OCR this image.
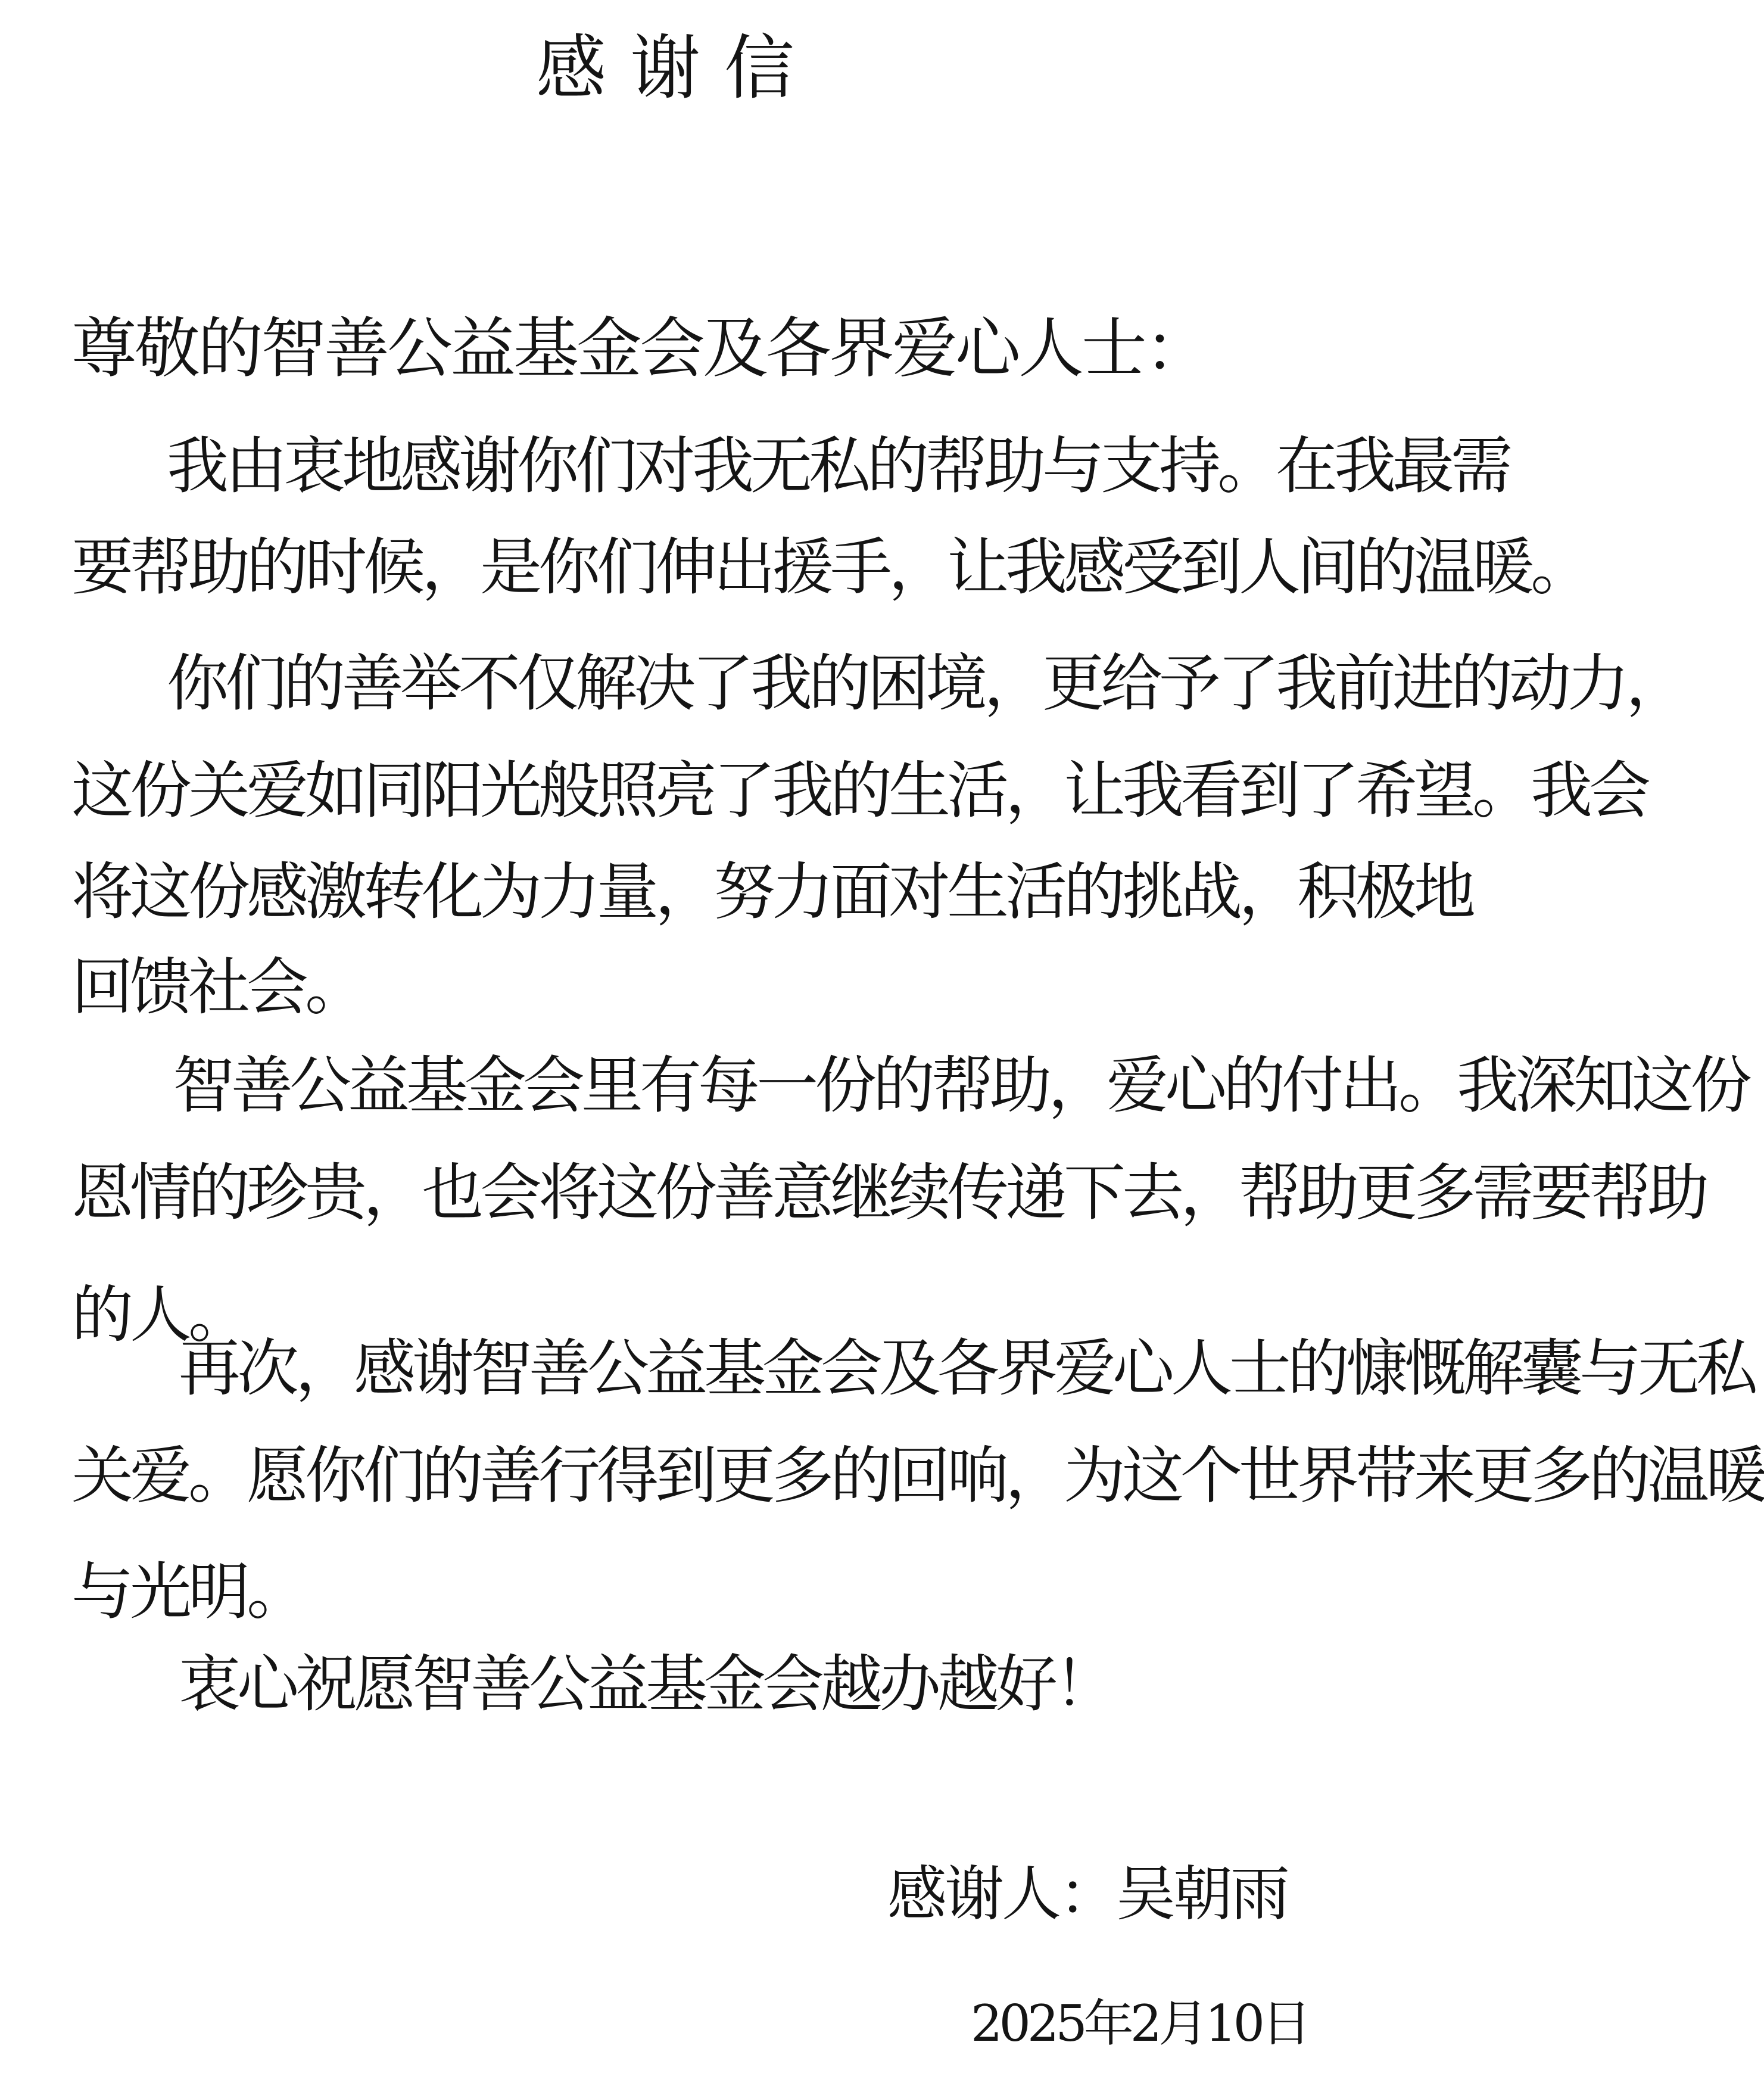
感谢信

尊敬的智善公益基金会及各界爱心人士：

我由衷地感谢你们对我无私的帮助与支持。在我最需

要帮助的时候，是你们伸出援手，让我感受到人间的温暖。

你们的善举不仅解决了我的困境，更给予了我前进的动力，

这份关爱如同阳光般照亮了我的生活，让我看到了希望。我会

将这份感激转化为力量，努力面对生活的挑战，积极地

回馈社会。

智善公益基金会里有每一份的帮助，爱心的付出。我深知这份

恩情的珍贵，也会将这份善意继续传递下去，帮助更多需要帮助

的人。

再次，感谢智善公益基金会及各界爱心人士的慷慨解囊与无私

关爱。愿你们的善行得到更多的回响，为这个世界带来更多的温暖

与光明。

衷心祝愿智善公益基金会越办越好！

感谢人：吴朝雨

2025年2月10日
